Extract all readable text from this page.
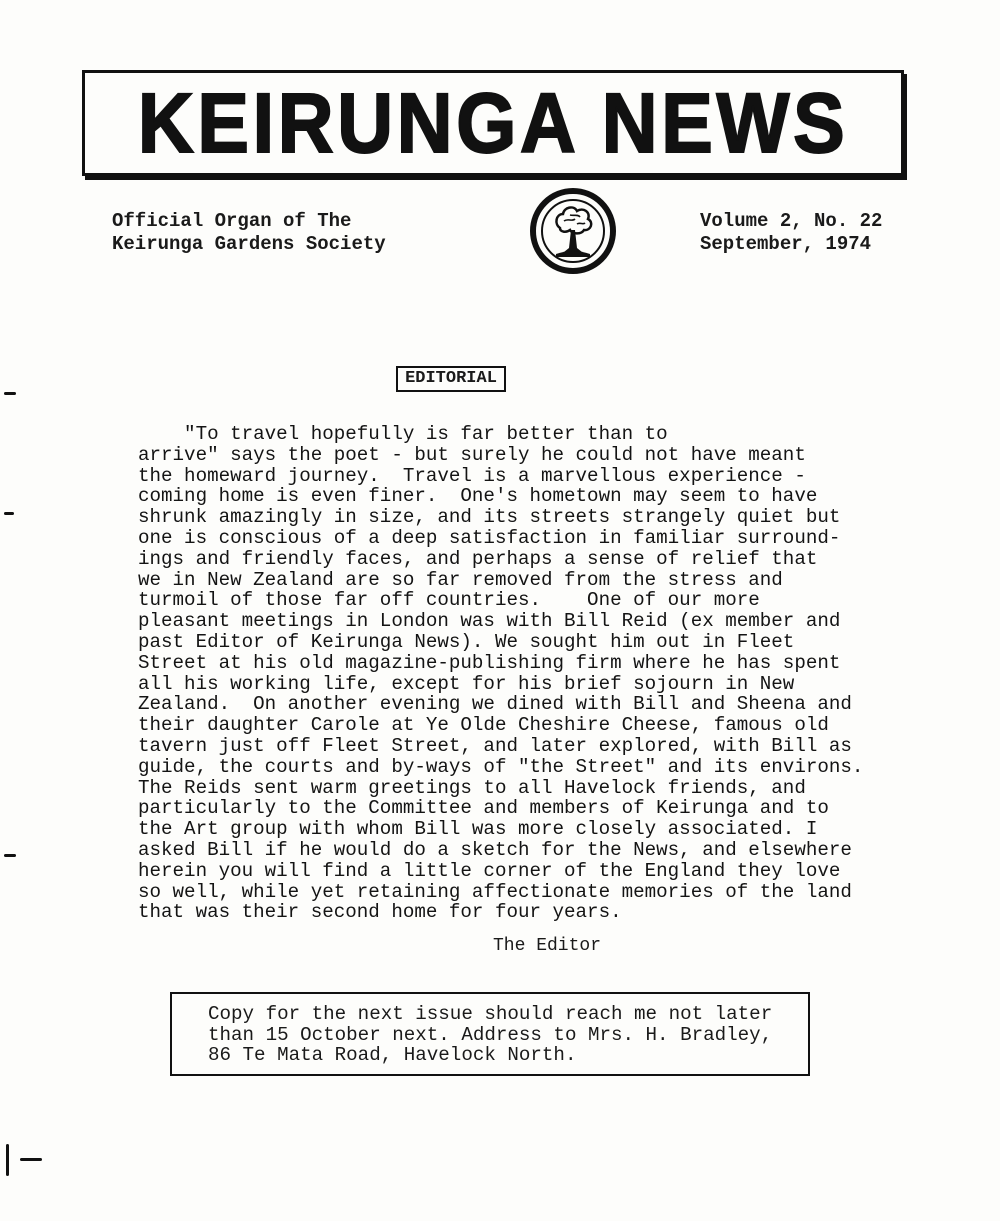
KEIRUNGA NEWS
Official Organ of The
Keirunga Gardens Society
Volume 2, No. 22
September, 1974
EDITORIAL
"To travel hopefully is far better than to
arrive" says the poet - but surely he could not have meant
the homeward journey.  Travel is a marvellous experience -
coming home is even finer.  One's hometown may seem to have
shrunk amazingly in size, and its streets strangely quiet but
one is conscious of a deep satisfaction in familiar surround-
ings and friendly faces, and perhaps a sense of relief that
we in New Zealand are so far removed from the stress and
turmoil of those far off countries.    One of our more
pleasant meetings in London was with Bill Reid (ex member and
past Editor of Keirunga News). We sought him out in Fleet
Street at his old magazine-publishing firm where he has spent
all his working life, except for his brief sojourn in New
Zealand.  On another evening we dined with Bill and Sheena and
their daughter Carole at Ye Olde Cheshire Cheese, famous old
tavern just off Fleet Street, and later explored, with Bill as
guide, the courts and by-ways of "the Street" and its environs.
The Reids sent warm greetings to all Havelock friends, and
particularly to the Committee and members of Keirunga and to
the Art group with whom Bill was more closely associated. I
asked Bill if he would do a sketch for the News, and elsewhere
herein you will find a little corner of the England they love
so well, while yet retaining affectionate memories of the land
that was their second home for four years.
The Editor
Copy for the next issue should reach me not later
than 15 October next. Address to Mrs. H. Bradley,
86 Te Mata Road, Havelock North.
